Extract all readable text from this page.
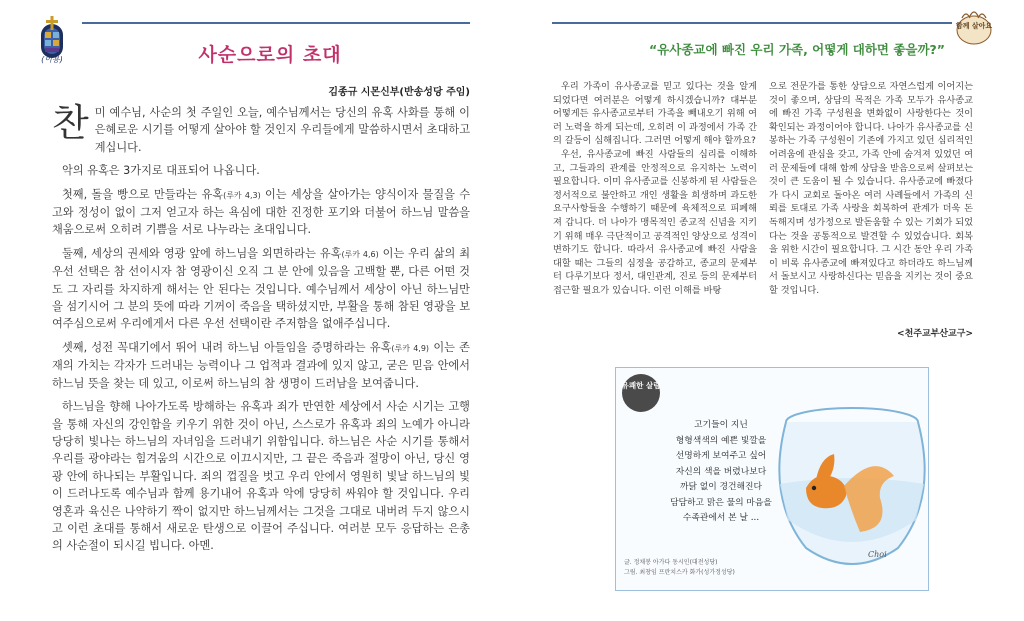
(이용)	사순으로의 초대
김종규 시몬신부(반송성당 주임)

찬미 예수님, 사순의 첫 주일인 오늘, 예수님께서는 당신의 유혹 사화를 통해 이 은혜로운 시기를 어떻게 살아야 할 것인지 우리들에게 말씀하시면서 초대하고 계십니다.

악의 유혹은 3가지로 대표되어 나옵니다.

첫째, 돌을 빵으로 만들라는 유혹(루카 4,3) 이는 세상을 살아가는 양식이자 물질을 수고와 정성이 없이 그저 얻고자 하는 욕심에 대한 진정한 포기와 더불어 하느님 말씀을 채움으로써 오히려 기쁨을 서로 나누라는 초대입니다.

둘째, 세상의 권세와 영광 앞에 하느님을 외면하라는 유혹(루카 4,6) 이는 우리 삶의 최우선 선택은 참 선이시자 참 영광이신 오직 그 분 안에 있음을 고백할 뿐, 다른 어떤 것도 그 자리를 차지하게 해서는 안 된다는 것입니다. 예수님께서 세상이 아닌 하느님만을 섬기시어 그 분의 뜻에 따라 기꺼이 죽음을 택하셨지만, 부활을 통해 참된 영광을 보여주심으로써 우리에게서 다른 우선 선택이란 주저함을 없애주십니다.

셋째, 성전 꼭대기에서 뛰어 내려 하느님 아들임을 증명하라는 유혹(루카 4,9) 이는 존재의 가치는 각자가 드러내는 능력이나 그 업적과 결과에 있지 않고, 굳은 믿음 안에서 하느님 뜻을 찾는 데 있고, 이로써 하느님의 참 생명이 드러남을 보여줍니다.

하느님을 향해 나아가도록 방해하는 유혹과 죄가 만연한 세상에서 사순 시기는 고행을 통해 자신의 강인함을 키우기 위한 것이 아닌, 스스로가 유혹과 죄의 노예가 아니라 당당히 빛나는 하느님의 자녀임을 드러내기 위함입니다. 하느님은 사순 시기를 통해서 우리를 광야라는 힘겨움의 시간으로 이끄시지만, 그 끝은 죽음과 절망이 아닌, 당신 영광 안에 하나되는 부활입니다. 죄의 껍질을 벗고 우리 안에서 영원히 빛날 하느님의 빛이 드러나도록 예수님과 함께 용기내어 유혹과 악에 당당히 싸워야 할 것입니다. 우리 영혼과 육신은 나약하기 짝이 없지만 하느님께서는 그것을 그대로 내버려 두지 않으시고 이런 초대를 통해서 새로운 탄생으로 이끌어 주십니다. 여러분 모두 응답하는 은총의 사순절이 되시길 빕니다. 아멘.

함께 살아요
“유사종교에 빠진 우리 가족, 어떻게 대하면 좋을까?”

우리 가족이 유사종교를 믿고 있다는 것을 알게 되었다면 여러분은 어떻게 하시겠습니까? 대부분 어떻게든 유사종교로부터 가족을 빼내오기 위해 여러 노력을 하게 되는데, 오히려 이 과정에서 가족 간의 갈등이 심해집니다. 그러면 어떻게 해야 할까요?

우선, 유사종교에 빠진 사람들의 심리를 이해하고, 그들과의 관계를 안정적으로 유지하는 노력이 필요합니다. 이미 유사종교를 신봉하게 된 사람들은 정서적으로 불안하고 개인 생활을 희생하며 과도한 요구사항들을 수행하기 때문에 육체적으로 피폐해져 갑니다. 더 나아가 맹목적인 종교적 신념을 지키기 위해 매우 극단적이고 공격적인 양상으로 성격이 변하기도 합니다. 따라서 유사종교에 빠진 사람을 대할 때는 그들의 심정을 공감하고, 종교의 문제부터 다루기보다 정서, 대인관계, 진로 등의 문제부터 접근할 필요가 있습니다. 이런 이해를 바탕

으로 전문가를 통한 상담으로 자연스럽게 이어지는 것이 좋으며, 상담의 목적은 가족 모두가 유사종교에 빠진 가족 구성원을 변화없이 사랑한다는 것이 확인되는 과정이어야 합니다. 나아가 유사종교를 신봉하는 가족 구성원이 기존에 가지고 있던 심리적인 어려움에 관심을 갖고, 가족 안에 숨겨져 있었던 여러 문제들에 대해 함께 상담을 받음으로써 살펴보는 것이 큰 도움이 될 수 있습니다. 유사종교에 빠졌다가 다시 교회로 돌아온 여러 사례들에서 가족의 신뢰를 토대로 가족 사랑을 회복하여 관계가 더욱 돈독해지며 성가정으로 발돋움할 수 있는 기회가 되었다는 것을 공통적으로 발견할 수 있었습니다. 회복을 위한 시간이 필요합니다. 그 시간 동안 우리 가족이 비록 유사종교에 빠져있다고 하더라도 하느님께서 돌보시고 사랑하신다는 믿음을 지키는 것이 중요할 것입니다.

<천주교부산교구>
유쾌한 살림
고기들이 지닌
형형색색의 예쁜 빛깔을
선명하게 보여주고 싶어
자신의 색을 버렸나보다
까닭 없이 경건해진다
담담하고 맑은 물의 마음을
수족관에서 본 날 ...
글. 정채봉 아가다 동시인(대전성당)
그림. 최창임 프란치스카 화가(성가정성당)
Choi
